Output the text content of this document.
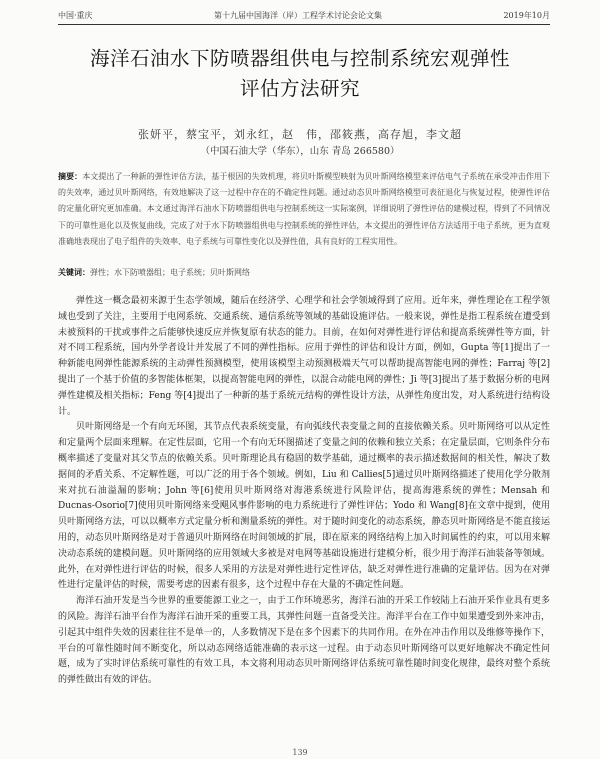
中国·重庆	第十九届中国海洋（岸）工程学术讨论会论文集	2019年10月
海洋石油水下防喷器组供电与控制系统宏观弹性
评估方法研究
张妍平，蔡宝平，刘永红，赵　伟，邵筱燕，高存旭，李文超
（中国石油大学（华东），山东 青岛 266580）

摘要：本文提出了一种新的弹性评估方法，基于根因的失效机理，将贝叶斯模型映射为贝叶斯网络模型来评估电气子系统在承受冲击作用下的失效率，通过贝叶斯网络，有效地解决了这一过程中存在的不确定性问题。通过动态贝叶斯网络模型可表征退化与恢复过程，使弹性评估的定量化研究更加准确。本文通过海洋石油水下防喷器组供电与控制系统这一实际案例，详细说明了弹性评估的建模过程，得到了不同情况下的可靠性退化以及恢复曲线，完成了对于水下防喷器组供电与控制系统的弹性评估，本文提出的弹性评估方法适用于电子系统，更为直观准确地表现出了电子组件的失效率、电子系统与可靠性变化以及弹性值，具有良好的工程实用性。

关键词：弹性；水下防喷器组；电子系统；贝叶斯网络

弹性这一概念最初来源于生态学领域，随后在经济学、心理学和社会学领域得到了应用。近年来，弹性理论在工程学领域也受到了关注，主要用于电网系统、交通系统、通信系统等领域的基础设施评估。一般来说，弹性是指工程系统在遭受到未被预料的干扰或事件之后能够快速反应并恢复原有状态的能力。目前，在如何对弹性进行评估和提高系统弹性等方面，针对不同工程系统，国内外学者设计并发展了不同的弹性指标。应用于弹性的评估和设计方面，例如，Gupta 等[1]提出了一种新能电网弹性能源系统的主动弹性预测模型，使用该模型主动预测极端天气可以帮助提高智能电网的弹性；Farraj 等[2]提出了一个基于价值的多智能体框架，以提高智能电网的弹性，以混合动能电网的弹性；Ji 等[3]提出了基于数据分析的电网弹性建模及相关指标；Feng 等[4]提出了一种新的基于系统元结构的弹性设计方法，从弹性角度出发，对人系统进行结构设计。

贝叶斯网络是一个有向无环图，其节点代表系统变量，有向弧线代表变量之间的直接依赖关系。贝叶斯网络可以从定性和定量两个层面来理解。在定性层面，它用一个有向无环图描述了变量之间的依赖和独立关系；在定量层面，它则条件分布概率描述了变量对其父节点的依赖关系。贝叶斯理论具有稳固的数学基础，通过概率的表示描述数据间的相关性，解决了数据间的矛盾关系、不定解性题，可以广泛的用于各个领域。例如，Liu 和 Callies[5]通过贝叶斯网络描述了使用化学分散剂来对抗石油溢漏的影响；John 等[6]使用贝叶斯网络对海港系统进行风险评估，提高海港系统的弹性；Mensah 和 Ducnas-Osorio[7]使用贝叶斯网络来受飓风事件影响的电力系统进行了弹性评估；Yodo 和 Wang[8]在文章中提到，使用贝叶斯网络方法，可以以概率方式定量分析和测量系统的弹性。对于随时间变化的动态系统，静态贝叶斯网络是不能直接运用的，动态贝叶斯网络是对于普通贝叶斯网络在时间领域的扩展，即在原来的网络结构上加入时间属性的约束，可以用来解决动态系统的建模问题。贝叶斯网络的应用领域大多被是对电网等基础设施进行建模分析，很少用于海洋石油装备等领域。此外，在对弹性进行评估的时候，很多人采用的方法是对弹性进行定性评估，缺乏对弹性进行准确的定量评估。因为在对弹性进行定量评估的时候，需要考虑的因素有很多，这个过程中存在大量的不确定性问题。

海洋石油开发是当今世界的重要能源工业之一，由于工作环境恶劣，海洋石油的开采工作较陆上石油开采作业具有更多的风险。海洋石油平台作为海洋石油开采的重要工具，其弹性问题一直备受关注。海洋平台在工作中如果遭受到外来冲击，引起其中组件失效的因素往往不是单一的，人多数情况下是在多个因素下的共同作用。在外在冲击作用以及维修等操作下，平台的可靠性随时间不断变化，所以动态网络适能准确的表示这一过程。由于动态贝叶斯网络可以更好地解决不确定性问题，成为了实时评估系统可靠性的有效工具，本文将利用动态贝叶斯网络评估系统可靠性随时间变化规律，最终对整个系统的弹性做出有效的评估。

139
